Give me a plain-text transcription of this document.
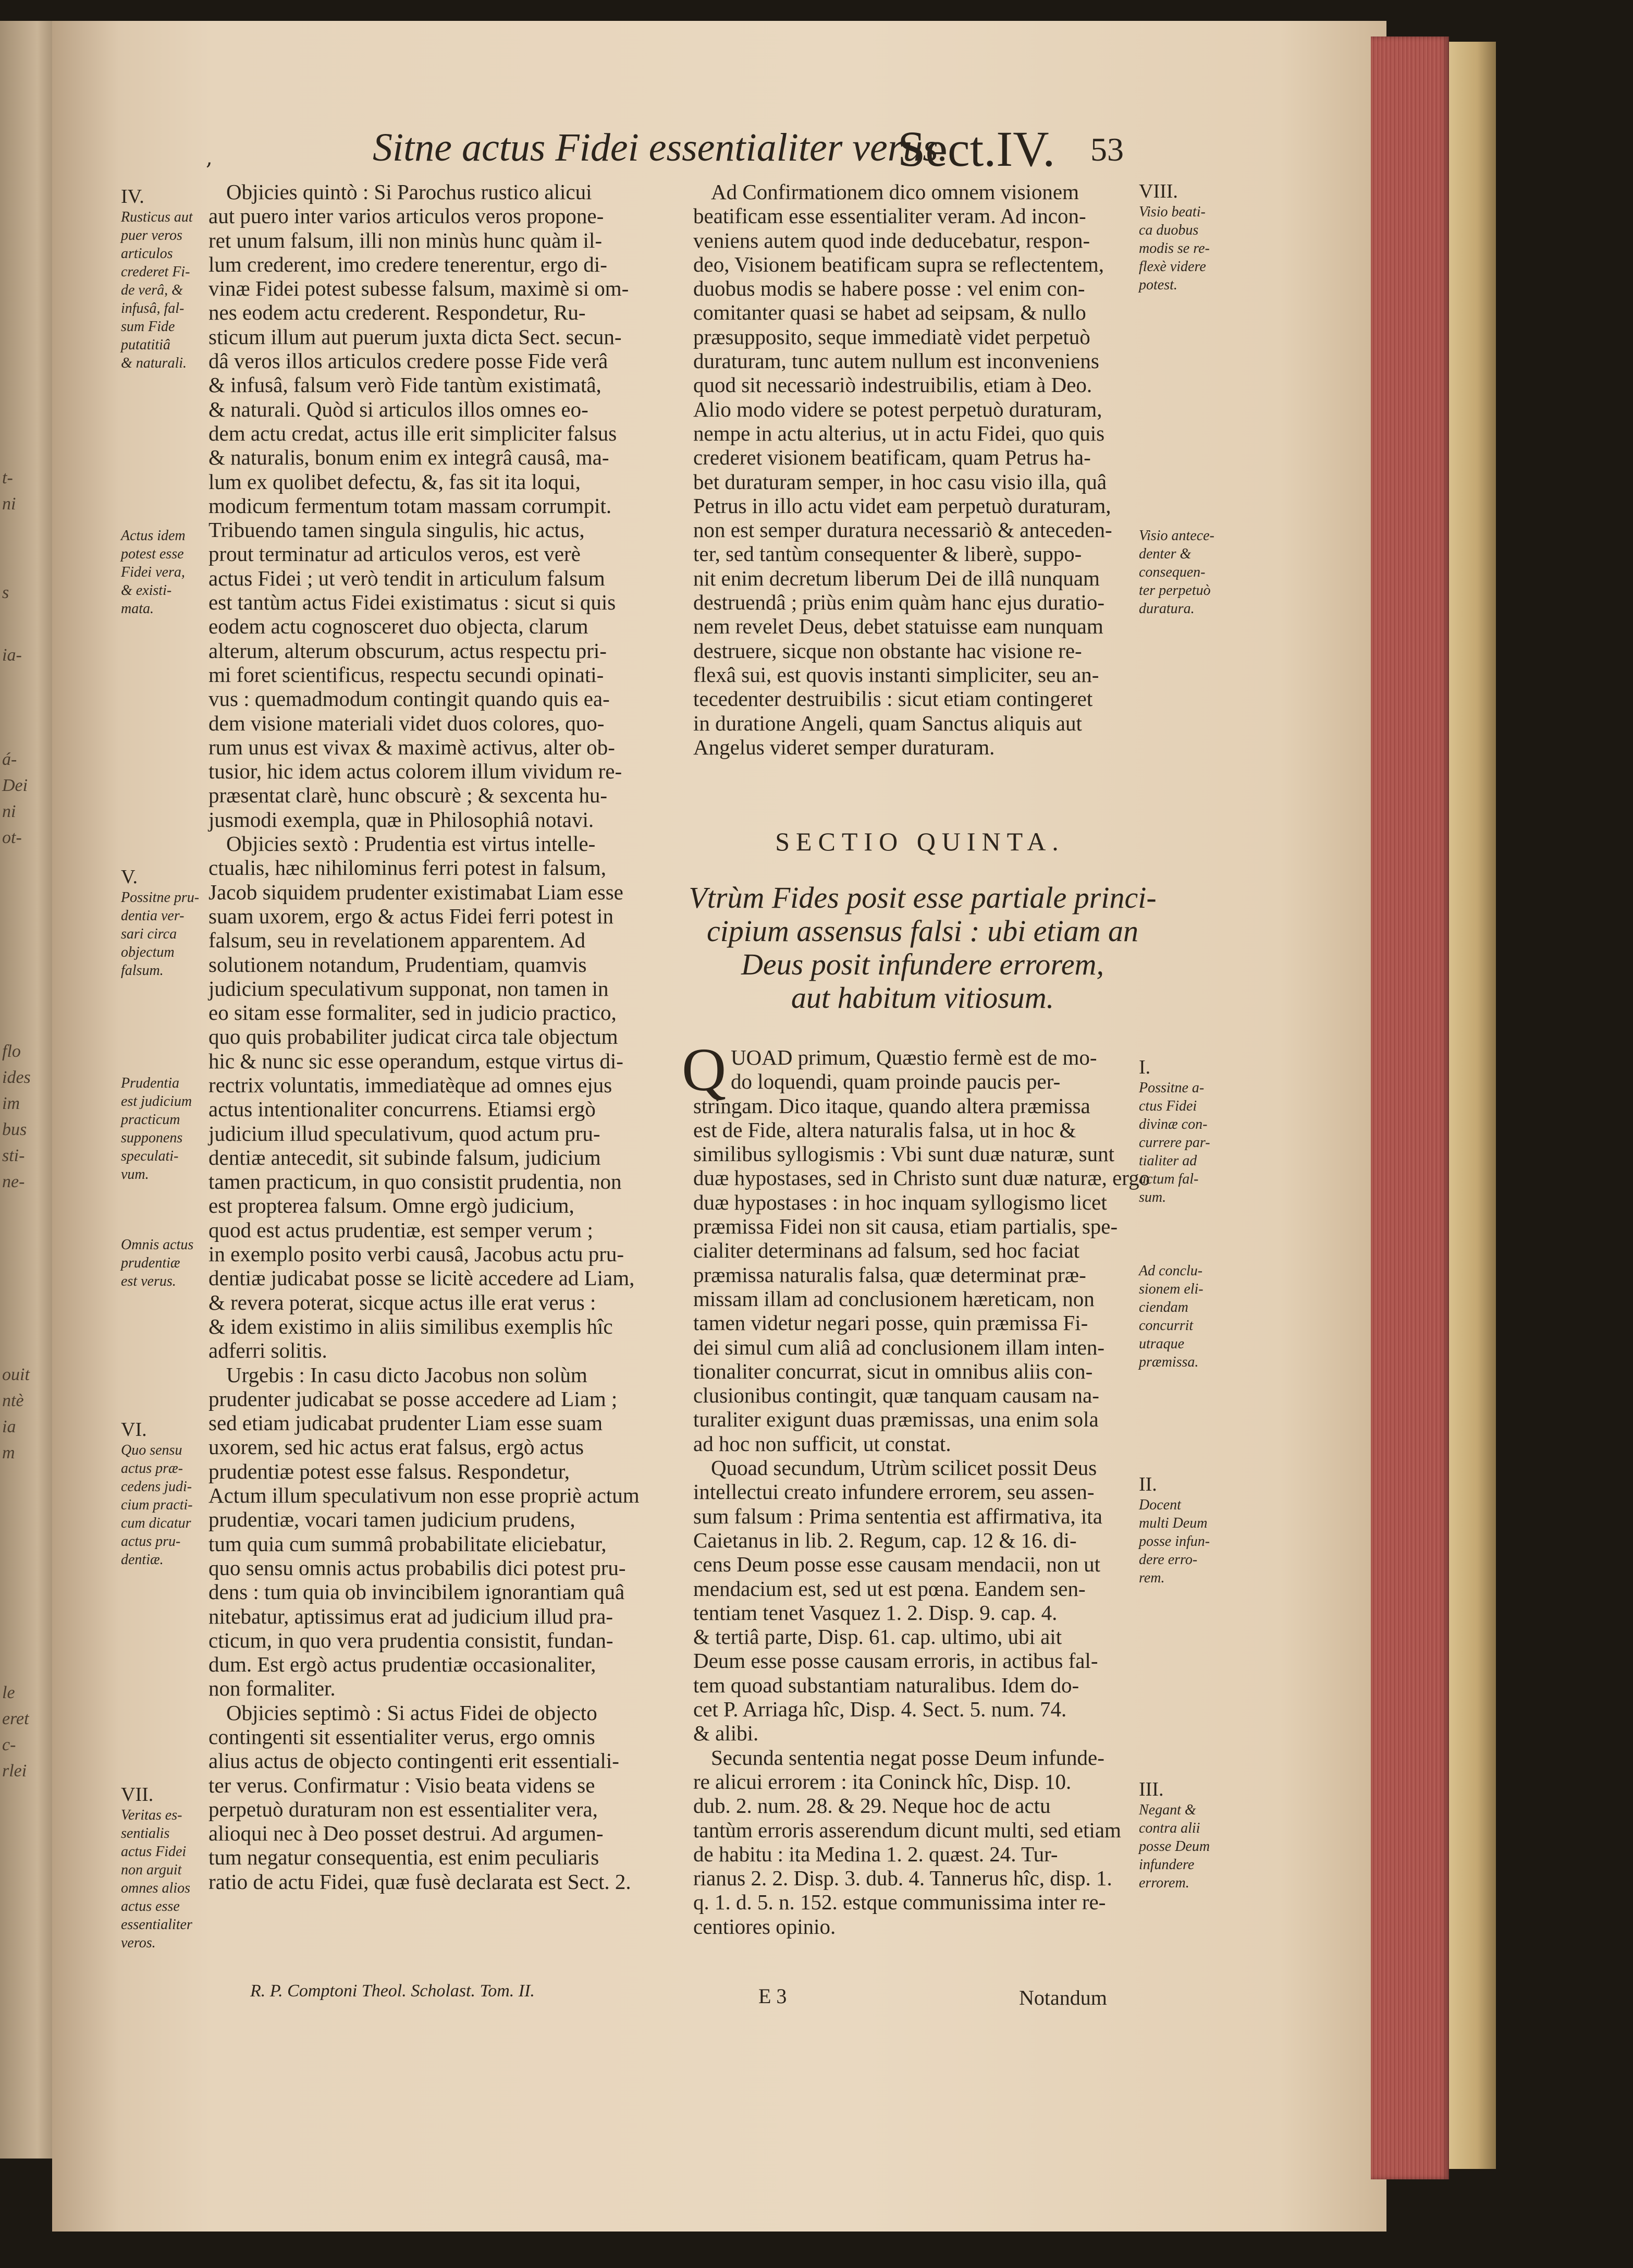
t-
ni
s
ia-
á-
Dei
ni
ot-
flo
ides
im
bus
sti-
ne-
ouit
ntè
ia
m
le
eret
c-
rlei
,	Sitne actus Fidei essentialiter verus.
Sect.IV. 53
Objicies quintò : Si Parochus rustico alicui
aut puero inter varios articulos veros propone-
ret unum falsum, illi non minùs hunc quàm il-
lum crederent, imo credere tenerentur, ergo di-
vinæ Fidei potest subesse falsum, maximè si om-
nes eodem actu crederent. Respondetur, Ru-
sticum illum aut puerum juxta dicta Sect. secun-
dâ veros illos articulos credere posse Fide verâ
& infusâ, falsum verò Fide tantùm existimatâ,
& naturali. Quòd si articulos illos omnes eo-
dem actu credat, actus ille erit simpliciter falsus
& naturalis, bonum enim ex integrâ causâ, ma-
lum ex quolibet defectu, &, fas sit ita loqui,
modicum fermentum totam massam corrumpit.
Tribuendo tamen singula singulis, hic actus,
prout terminatur ad articulos veros, est verè
actus Fidei ; ut verò tendit in articulum falsum
est tantùm actus Fidei existimatus : sicut si quis
eodem actu cognosceret duo objecta, clarum
alterum, alterum obscurum, actus respectu pri-
mi foret scientificus, respectu secundi opinati-
vus : quemadmodum contingit quando quis ea-
dem visione materiali videt duos colores, quo-
rum unus est vivax & maximè activus, alter ob-
tusior, hic idem actus colorem illum vividum re-
præsentat clarè, hunc obscurè ; & sexcenta hu-
jusmodi exempla, quæ in Philosophiâ notavi.
Objicies sextò : Prudentia est virtus intelle-
ctualis, hæc nihilominus ferri potest in falsum,
Jacob siquidem prudenter existimabat Liam esse
suam uxorem, ergo & actus Fidei ferri potest in
falsum, seu in revelationem apparentem. Ad
solutionem notandum, Prudentiam, quamvis
judicium speculativum supponat, non tamen in
eo sitam esse formaliter, sed in judicio practico,
quo quis probabiliter judicat circa tale objectum
hic & nunc sic esse operandum, estque virtus di-
rectrix voluntatis, immediatèque ad omnes ejus
actus intentionaliter concurrens. Etiamsi ergò
judicium illud speculativum, quod actum pru-
dentiæ antecedit, sit subinde falsum, judicium
tamen practicum, in quo consistit prudentia, non
est propterea falsum. Omne ergò judicium,
quod est actus prudentiæ, est semper verum ;
in exemplo posito verbi causâ, Jacobus actu pru-
dentiæ judicabat posse se licitè accedere ad Liam,
& revera poterat, sicque actus ille erat verus :
& idem existimo in aliis similibus exemplis hîc
adferri solitis.
Urgebis : In casu dicto Jacobus non solùm
prudenter judicabat se posse accedere ad Liam ;
sed etiam judicabat prudenter Liam esse suam
uxorem, sed hic actus erat falsus, ergò actus
prudentiæ potest esse falsus. Respondetur,
Actum illum speculativum non esse propriè actum
prudentiæ, vocari tamen judicium prudens,
tum quia cum summâ probabilitate eliciebatur,
quo sensu omnis actus probabilis dici potest pru-
dens : tum quia ob invincibilem ignorantiam quâ
nitebatur, aptissimus erat ad judicium illud pra-
cticum, in quo vera prudentia consistit, fundan-
dum. Est ergò actus prudentiæ occasionaliter,
non formaliter.
Objicies septimò : Si actus Fidei de objecto
contingenti sit essentialiter verus, ergo omnis
alius actus de objecto contingenti erit essentiali-
ter verus. Confirmatur : Visio beata videns se
perpetuò duraturam non est essentialiter vera,
alioqui nec à Deo posset destrui. Ad argumen-
tum negatur consequentia, est enim peculiaris
ratio de actu Fidei, quæ fusè declarata est Sect. 2.
Ad Confirmationem dico omnem visionem
beatificam esse essentialiter veram. Ad incon-
veniens autem quod inde deducebatur, respon-
deo, Visionem beatificam supra se reflectentem,
duobus modis se habere posse : vel enim con-
comitanter quasi se habet ad seipsam, & nullo
præsupposito, seque immediatè videt perpetuò
duraturam, tunc autem nullum est inconveniens
quod sit necessariò indestruibilis, etiam à Deo.
Alio modo videre se potest perpetuò duraturam,
nempe in actu alterius, ut in actu Fidei, quo quis
crederet visionem beatificam, quam Petrus ha-
bet duraturam semper, in hoc casu visio illa, quâ
Petrus in illo actu videt eam perpetuò duraturam,
non est semper duratura necessariò & anteceden-
ter, sed tantùm consequenter & liberè, suppo-
nit enim decretum liberum Dei de illâ nunquam
destruendâ ; priùs enim quàm hanc ejus duratio-
nem revelet Deus, debet statuisse eam nunquam
destruere, sicque non obstante hac visione re-
flexâ sui, est quovis instanti simpliciter, seu an-
tecedenter destruibilis : sicut etiam contingeret
in duratione Angeli, quam Sanctus aliquis aut
Angelus videret semper duraturam.
SECTIO QUINTA.
Vtrùm Fides posit esse partiale princi-
cipium assensus falsi : ubi etiam an
Deus posit infundere errorem,
aut habitum vitiosum.
Q UOAD primum, Quæstio fermè est de mo-
do loquendi, quam proinde paucis per-
stringam. Dico itaque, quando altera præmissa
est de Fide, altera naturalis falsa, ut in hoc &
similibus syllogismis : Vbi sunt duæ naturæ, sunt
duæ hypostases, sed in Christo sunt duæ naturæ, ergo
duæ hypostases : in hoc inquam syllogismo licet
præmissa Fidei non sit causa, etiam partialis, spe-
cialiter determinans ad falsum, sed hoc faciat
præmissa naturalis falsa, quæ determinat præ-
missam illam ad conclusionem hæreticam, non
tamen videtur negari posse, quin præmissa Fi-
dei simul cum aliâ ad conclusionem illam inten-
tionaliter concurrat, sicut in omnibus aliis con-
clusionibus contingit, quæ tanquam causam na-
turaliter exigunt duas præmissas, una enim sola
ad hoc non sufficit, ut constat.
Quoad secundum, Utrùm scilicet possit Deus
intellectui creato infundere errorem, seu assen-
sum falsum : Prima sententia est affirmativa, ita
Caietanus in lib. 2. Regum, cap. 12 & 16. di-
cens Deum posse esse causam mendacii, non ut
mendacium est, sed ut est pœna. Eandem sen-
tentiam tenet Vasquez 1. 2. Disp. 9. cap. 4.
& tertiâ parte, Disp. 61. cap. ultimo, ubi ait
Deum esse posse causam erroris, in actibus fal-
tem quoad substantiam naturalibus. Idem do-
cet P. Arriaga hîc, Disp. 4. Sect. 5. num. 74.
& alibi.
Secunda sententia negat posse Deum infunde-
re alicui errorem : ita Coninck hîc, Disp. 10.
dub. 2. num. 28. & 29. Neque hoc de actu
tantùm erroris asserendum dicunt multi, sed etiam
de habitu : ita Medina 1. 2. quæst. 24. Tur-
rianus 2. 2. Disp. 3. dub. 4. Tannerus hîc, disp. 1.
q. 1. d. 5. n. 152. estque communissima inter re-
centiores opinio.
IV.
Rusticus aut
puer veros
articulos
crederet Fi-
de verâ, &
infusâ, fal-
sum Fide
putatitiâ
& naturali.
Actus idem
potest esse
Fidei vera,
& existi-
mata.
V.
Possitne pru-
dentia ver-
sari circa
objectum
falsum.
Prudentia
est judicium
practicum
supponens
speculati-
vum.
Omnis actus
prudentiæ
est verus.
VI.
Quo sensu
actus præ-
cedens judi-
cium practi-
cum dicatur
actus pru-
dentiæ.
VII.
Veritas es-
sentialis
actus Fidei
non arguit
omnes alios
actus esse
essentialiter
veros.
VIII.
Visio beati-
ca duobus
modis se re-
flexè videre
potest.
Visio antece-
denter &
consequen-
ter perpetuò
duratura.
I.
Possitne a-
ctus Fidei
divinæ con-
currere par-
tialiter ad
actum fal-
sum.
Ad conclu-
sionem eli-
ciendam
concurrit
utraque
præmissa.
II.
Docent
multi Deum
posse infun-
dere erro-
rem.
III.
Negant &
contra alii
posse Deum
infundere
errorem.
R. P. Comptoni Theol. Scholast. Tom. II.	E 3	Notandum
